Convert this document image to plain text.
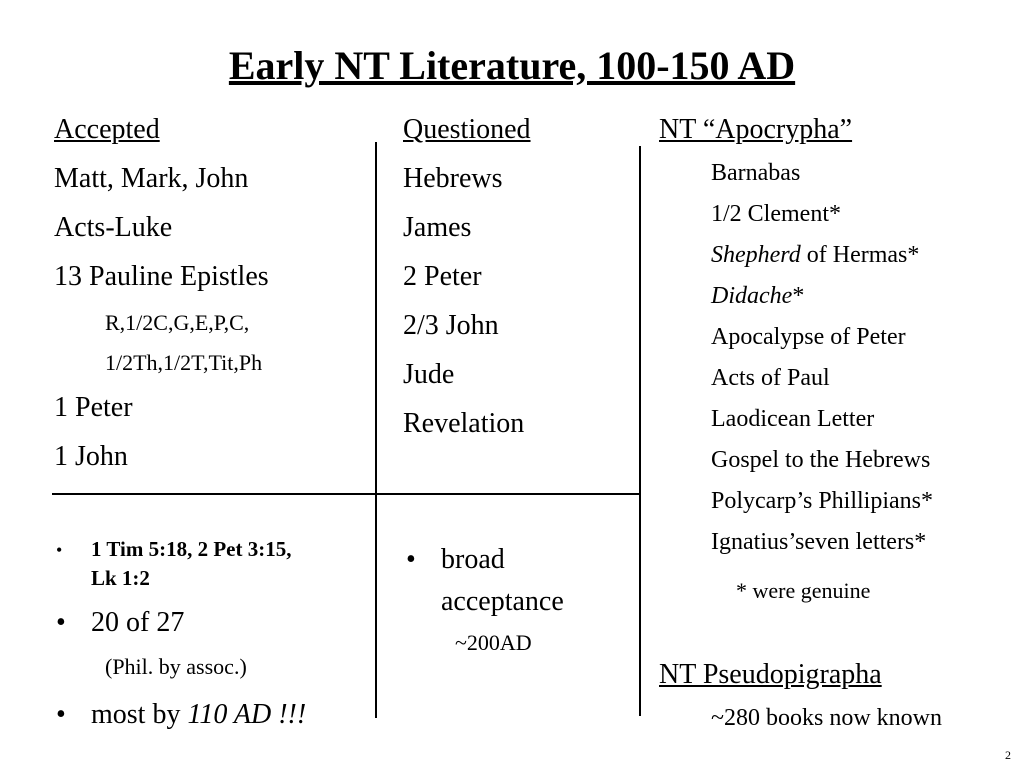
Early NT Literature, 100-150 AD
Accepted
Matt, Mark, John
Acts-Luke
13 Pauline Epistles
R,1/2C,G,E,P,C,
1/2Th,1/2T,Tit,Ph
1 Peter
1 John
• 1 Tim 5:18, 2 Pet 3:15,
Lk 1:2
• 20 of 27
(Phil. by assoc.)
• most by 110 AD !!!
Questioned
Hebrews
James
2 Peter
2/3 John
Jude
Revelation
• broad
acceptance
~200AD
NT “Apocrypha”
Barnabas
1/2 Clement*
Shepherd of Hermas*
Didache*
Apocalypse of Peter
Acts of Paul
Laodicean Letter
Gospel to the Hebrews
Polycarp’s Phillipians*
Ignatius’seven letters*
* were genuine
NT Pseudopigrapha
~280 books now known
2
